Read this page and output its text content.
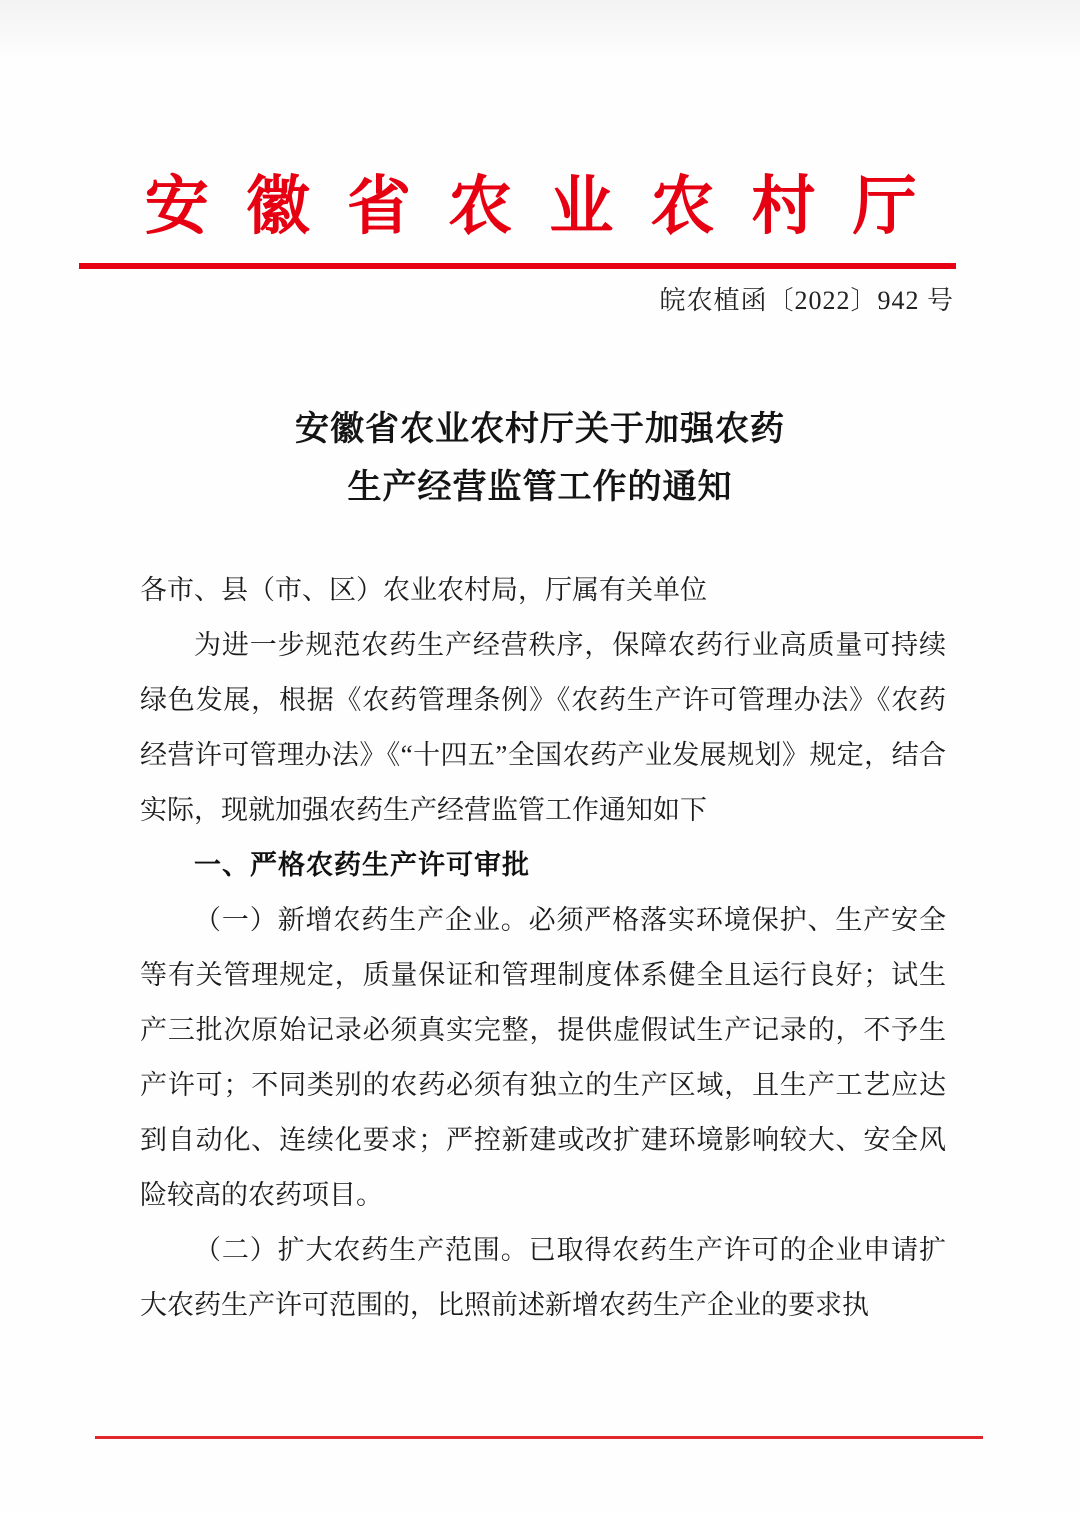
安徽省农业农村厅
皖农植函〔2022〕942 号
安徽省农业农村厅关于加强农药
生产经营监管工作的通知

各市、县（市、区）农业农村局，厅属有关单位

为进一步规范农药生产经营秩序，保障农药行业高质量可持续绿色发展，根据《农药管理条例》《农药生产许可管理办法》《农药经营许可管理办法》《“十四五”全国农药产业发展规划》规定，结合实际，现就加强农药生产经营监管工作通知如下

一、严格农药生产许可审批

（一）新增农药生产企业。必须严格落实环境保护、生产安全等有关管理规定，质量保证和管理制度体系健全且运行良好；试生产三批次原始记录必须真实完整，提供虚假试生产记录的，不予生产许可；不同类别的农药必须有独立的生产区域，且生产工艺应达到自动化、连续化要求；严控新建或改扩建环境影响较大、安全风险较高的农药项目。

（二）扩大农药生产范围。已取得农药生产许可的企业申请扩大农药生产许可范围的，比照前述新增农药生产企业的要求执
